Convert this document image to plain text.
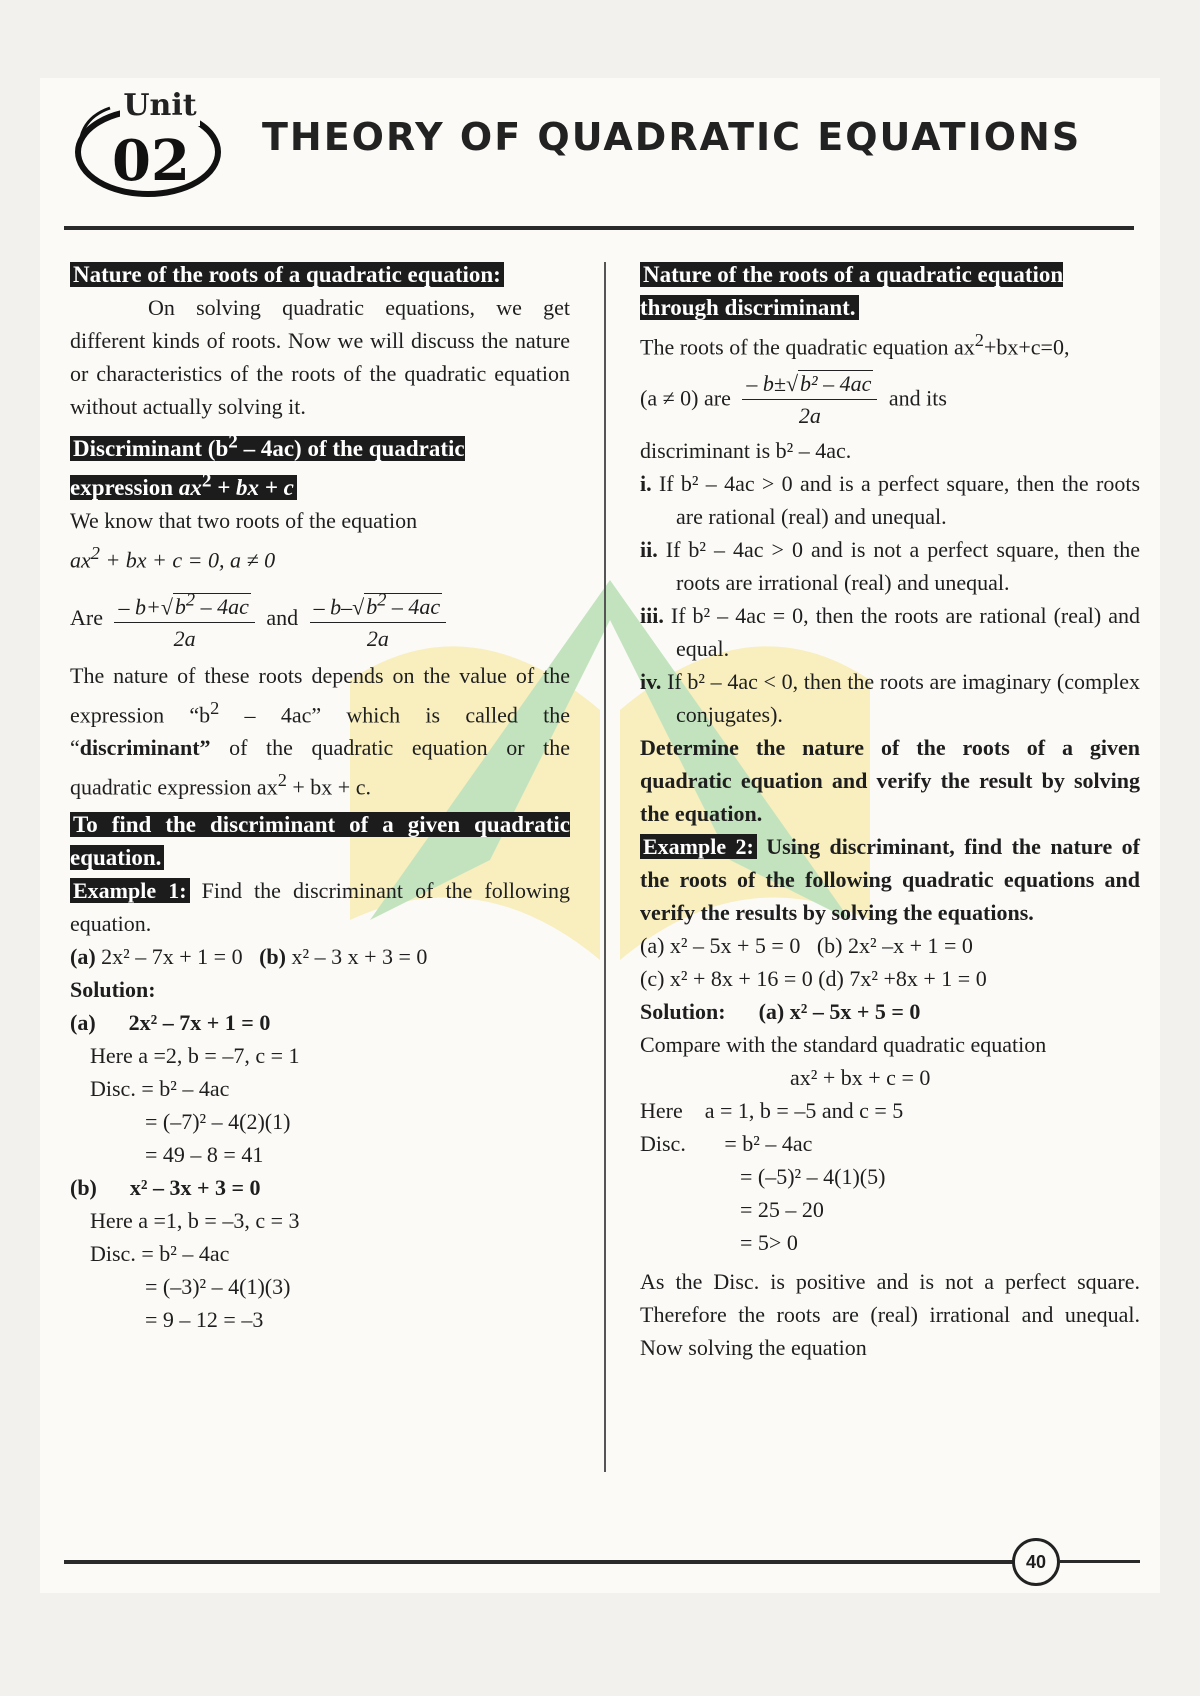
Unit
02 THEORY OF QUADRATIC EQUATIONS

Nature of the roots of a quadratic equation:

On solving quadratic equations, we get different kinds of roots. Now we will discuss the nature or characteristics of the roots of the quadratic equation without actually solving it.

Discriminant $(b^2 - 4ac)$ of the quadratic expression $ax^2$ + bx + c

We know that two roots of the equation

$ax^2$ + bx + c = 0, a ≠ 0

Are $\frac{- b+√b^2 - 4ac}{2a}$ and $\frac{- b-√b^2 - 4ac}{2a}$

The nature of these roots depends on the value of the expression “$b^2 - 4ac$” which is called the “discriminant” of the quadratic equation or the quadratic expression $ax^2$ + bx + c.

To find the discriminant of a given quadratic equation.

Example 1: Find the discriminant of the following equation.

(a) 2x² – 7x + 1 = 0 (b) x² – 3 x + 3 = 0

Solution:

(a) 2x² – 7x + 1 = 0

Here a =2, b = –7, c = 1

Disc. = b² – 4ac

= (–7)² – 4(2)(1)

= 49 – 8 = 41

(b) x² – 3x + 3 = 0

Here a =1, b = –3, c = 3

Disc. = b² – 4ac

= (–3)² – 4(1)(3)

= 9 – 12 = –3

Nature of the roots of a quadratic equation through discriminant.

The roots of the quadratic equation $ax^2+bx+c=0$,

(a ≠ 0) are $\frac{\text{– b±√b² – 4ac}}{2a}$ and its

discriminant is b² – 4ac.

i. If b² – 4ac > 0 and is a perfect square, then the roots are rational (real) and unequal.

ii. If b² – 4ac > 0 and is not a perfect square, then the roots are irrational (real) and unequal.

iii. If b² – 4ac = 0, then the roots are rational (real) and equal.

iv. If b² – 4ac < 0, then the roots are imaginary (complex conjugates).

Determine the nature of the roots of a given quadratic equation and verify the result by solving the equation.

Example 2: Using discriminant, find the nature of the roots of the following quadratic equations and verify the results by solving the equations.

(a) x² – 5x + 5 = 0 (b) 2x² –x + 1 = 0

(c) x² + 8x + 16 = 0 (d) 7x² +8x + 1 = 0

Solution: (a) x² – 5x + 5 = 0

Compare with the standard quadratic equation

ax² + bx + c = 0

Here a = 1, b = –5 and c = 5

Disc. = b² – 4ac

= (–5)² – 4(1)(5)

= 25 – 20

= 5> 0

As the Disc. is positive and is not a perfect square. Therefore the roots are (real) irrational and unequal. Now solving the equation

40
